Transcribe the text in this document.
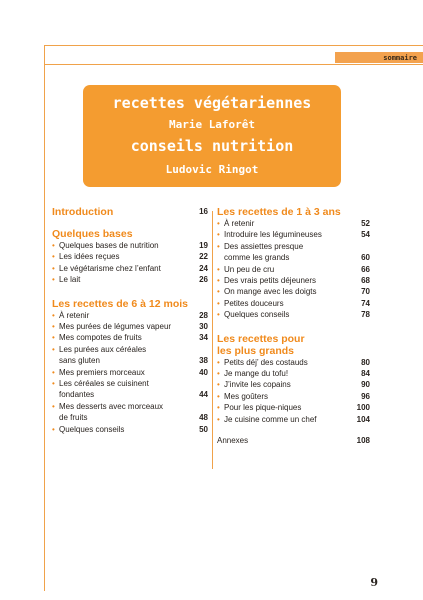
sommaire
recettes végétariennes
Marie Laforêt
conseils nutrition
Ludovic Ringot
Introduction	16
Quelques bases
• Quelques bases de nutrition	19
• Les idées reçues	22
• Le végétarisme chez l’enfant	24
• Le lait	26
Les recettes de 6 à 12 mois
• À retenir	28
• Mes purées de légumes vapeur	30
• Mes compotes de fruits	34
• Les purées aux céréales
sans gluten	38
• Mes premiers morceaux	40
• Les céréales se cuisinent
fondantes	44
• Mes desserts avec morceaux
de fruits	48
• Quelques conseils	50
Les recettes de 1 à 3 ans
• À retenir	52
• Introduire les légumineuses	54
• Des assiettes presque
comme les grands	60
• Un peu de cru	66
• Des vrais petits déjeuners	68
• On mange avec les doigts	70
• Petites douceurs	74
• Quelques conseils	78
Les recettes pour
les plus grands
• Petits déj’ des costauds	80
• Je mange du tofu!	84
• J’invite les copains	90
• Mes goûters	96
• Pour les pique-niques	100
• Je cuisine comme un chef	104
Annexes	108
9
